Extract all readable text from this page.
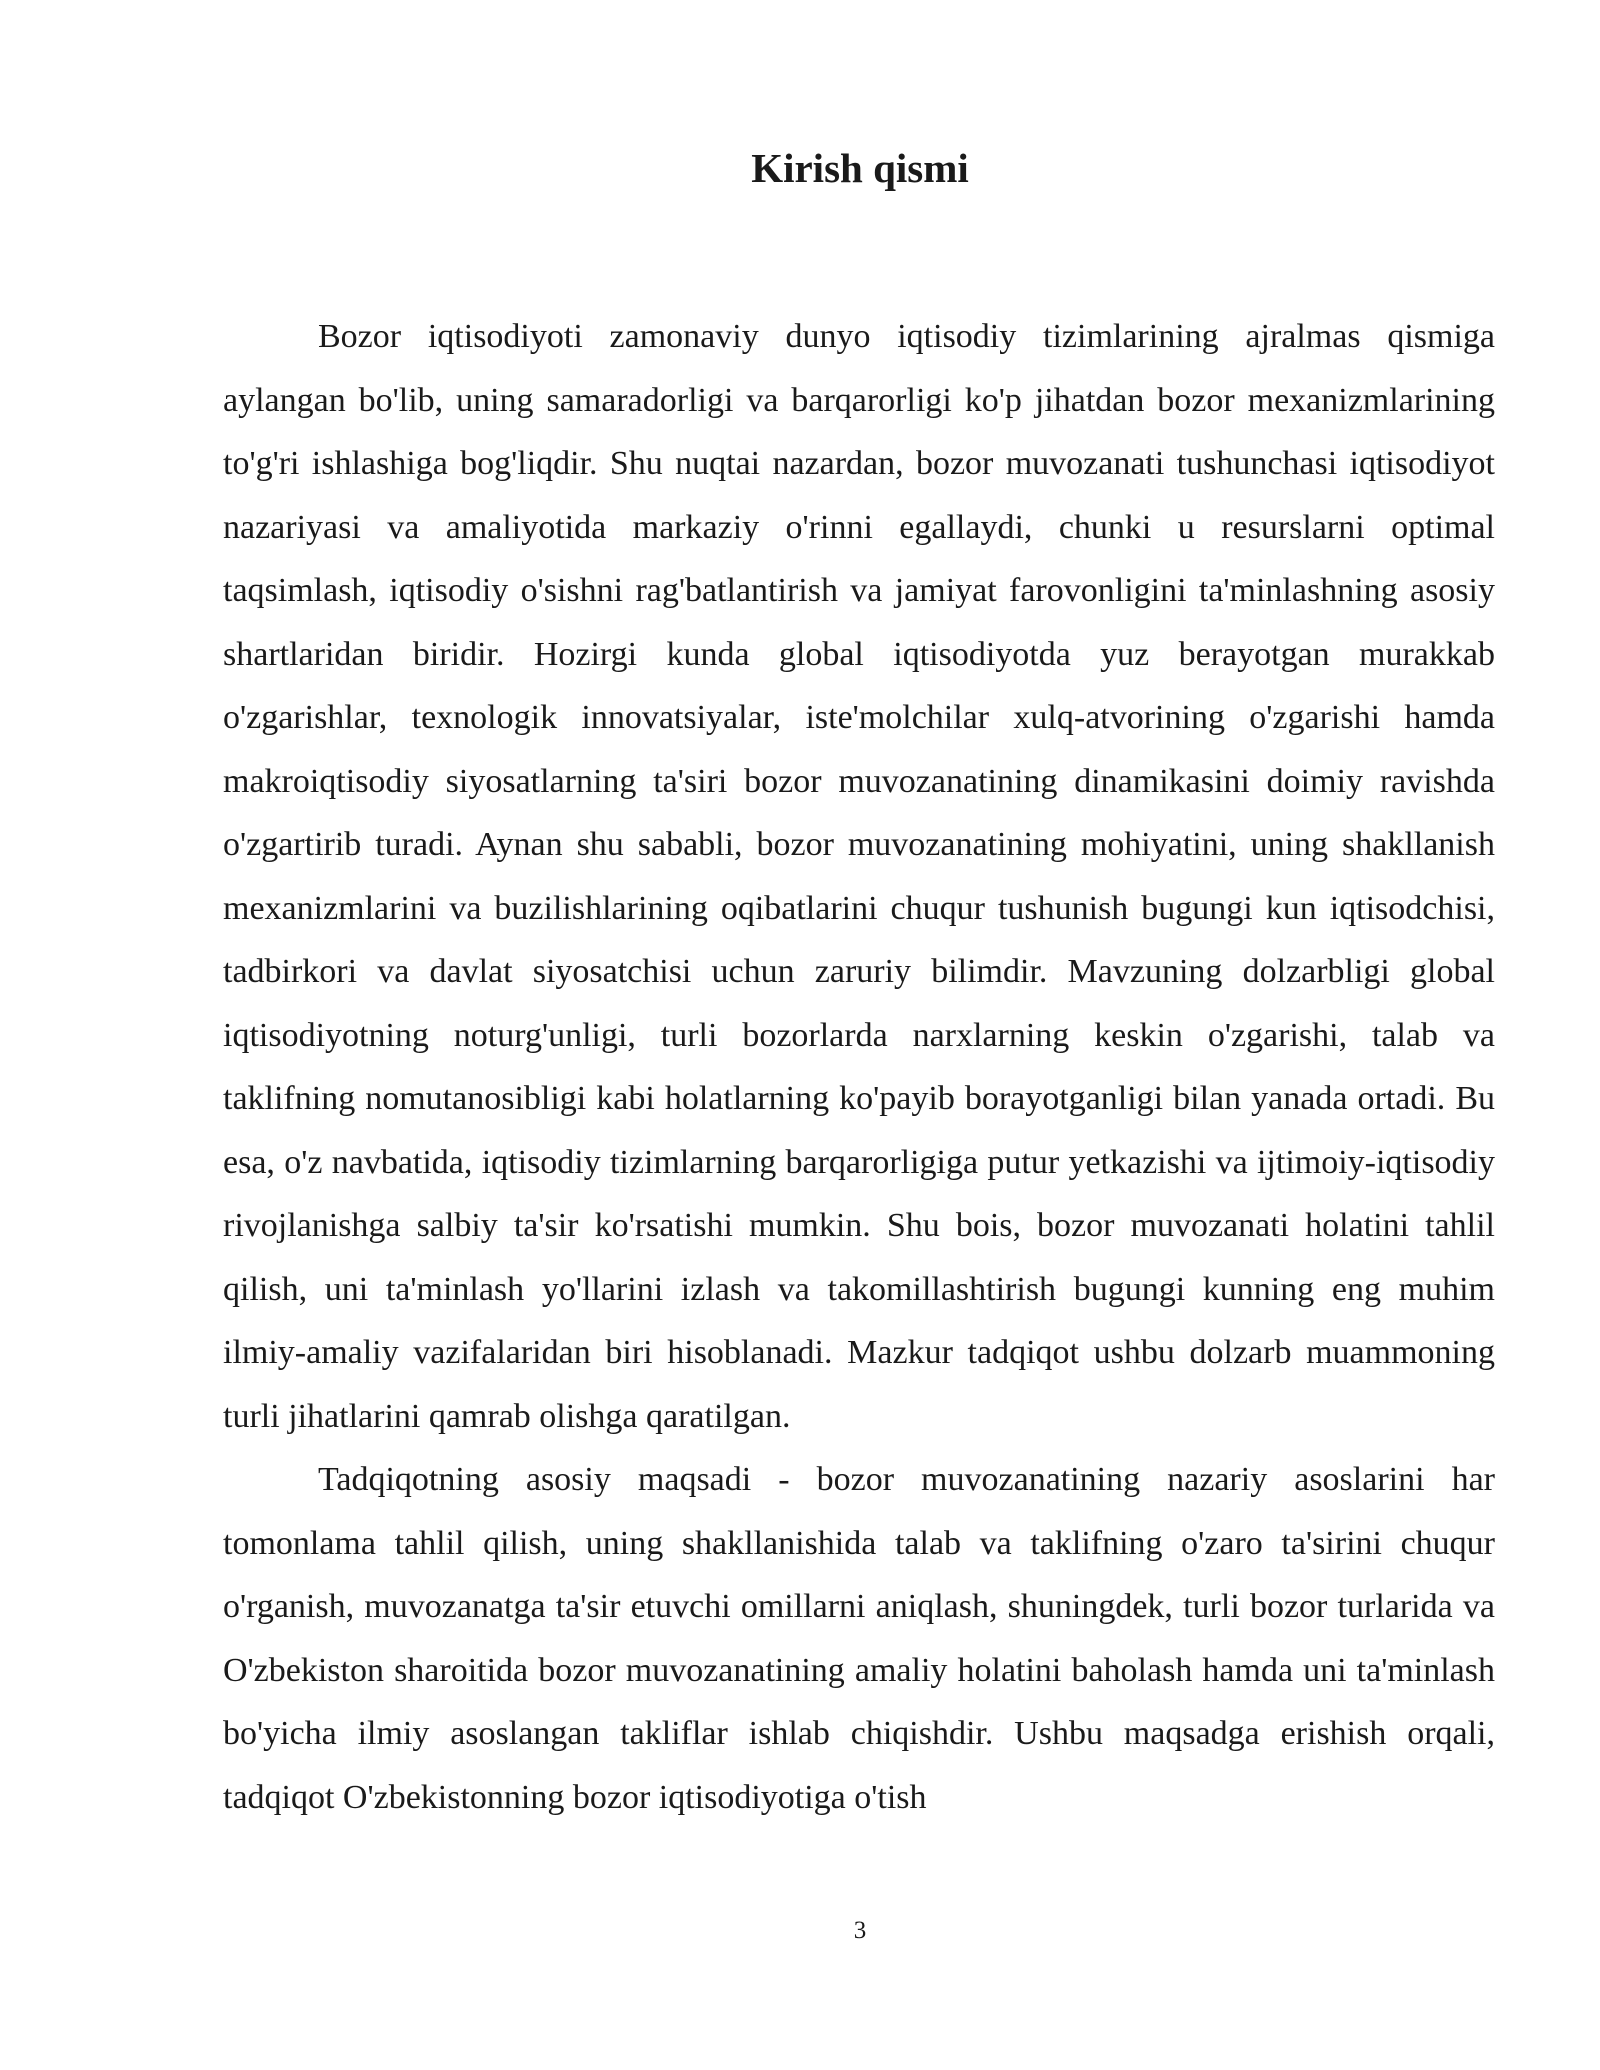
Kirish qismi

Bozor iqtisodiyoti zamonaviy dunyo iqtisodiy tizimlarining ajralmas qismiga aylangan bo'lib, uning samaradorligi va barqarorligi ko'p jihatdan bozor mexanizmlarining to'g'ri ishlashiga bog'liqdir. Shu nuqtai nazardan, bozor muvozanati tushunchasi iqtisodiyot nazariyasi va amaliyotida markaziy o'rinni egallaydi, chunki u resurslarni optimal taqsimlash, iqtisodiy o'sishni rag'batlantirish va jamiyat farovonligini ta'minlashning asosiy shartlaridan biridir. Hozirgi kunda global iqtisodiyotda yuz berayotgan murakkab o'zgarishlar, texnologik innovatsiyalar, iste'molchilar xulq-atvorining o'zgarishi hamda makroiqtisodiy siyosatlarning ta'siri bozor muvozanatining dinamikasini doimiy ravishda o'zgartirib turadi. Aynan shu sababli, bozor muvozanatining mohiyatini, uning shakllanish mexanizmlarini va buzilishlarining oqibatlarini chuqur tushunish bugungi kun iqtisodchisi, tadbirkori va davlat siyosatchisi uchun zaruriy bilimdir. Mavzuning dolzarbligi global iqtisodiyotning noturg'unligi, turli bozorlarda narxlarning keskin o'zgarishi, talab va taklifning nomutanosibligi kabi holatlarning ko'payib borayotganligi bilan yanada ortadi. Bu esa, o'z navbatida, iqtisodiy tizimlarning barqarorligiga putur yetkazishi va ijtimoiy-iqtisodiy rivojlanishga salbiy ta'sir ko'rsatishi mumkin. Shu bois, bozor muvozanati holatini tahlil qilish, uni ta'minlash yo'llarini izlash va takomillashtirish bugungi kunning eng muhim ilmiy-amaliy vazifalaridan biri hisoblanadi. Mazkur tadqiqot ushbu dolzarb muammoning turli jihatlarini qamrab olishga qaratilgan.

Tadqiqotning asosiy maqsadi - bozor muvozanatining nazariy asoslarini har tomonlama tahlil qilish, uning shakllanishida talab va taklifning o'zaro ta'sirini chuqur o'rganish, muvozanatga ta'sir etuvchi omillarni aniqlash, shuningdek, turli bozor turlarida va O'zbekiston sharoitida bozor muvozanatining amaliy holatini baholash hamda uni ta'minlash bo'yicha ilmiy asoslangan takliflar ishlab chiqishdir. Ushbu maqsadga erishish orqali, tadqiqot O'zbekistonning bozor iqtisodiyotiga o'tish

3
